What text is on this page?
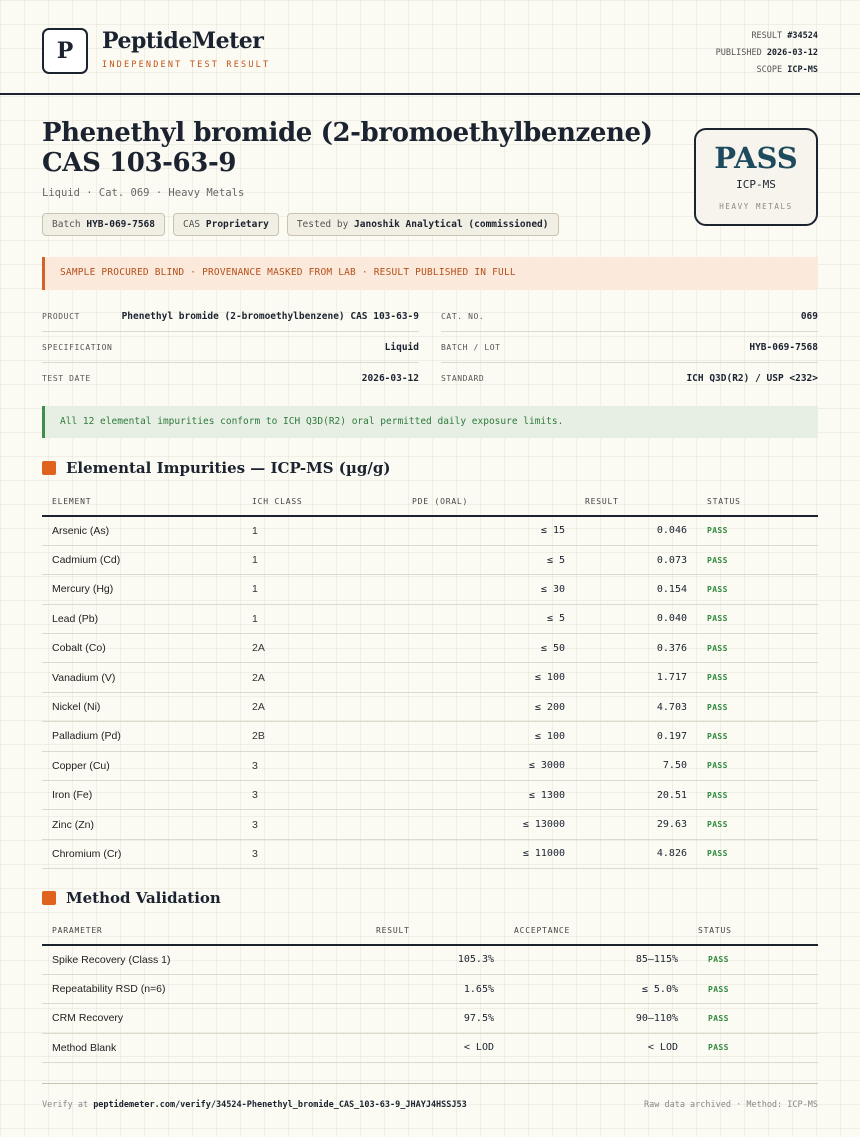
P	PeptideMeter
INDEPENDENT TEST RESULT
RESULT #34524
PUBLISHED 2026-03-12
SCOPE ICP-MS
Phenethyl bromide (2-bromoethylbenzene)
CAS 103-63-9
Liquid · Cat. 069 · Heavy Metals
Batch HYB-069-7568	CAS Proprietary	Tested by Janoshik Analytical (commissioned)
PASS
ICP-MS
HEAVY METALS
SAMPLE PROCURED BLIND · PROVENANCE MASKED FROM LAB · RESULT PUBLISHED IN FULL
PRODUCT	Phenethyl bromide (2-bromoethylbenzene) CAS 103-63-9
SPECIFICATION	Liquid
TEST DATE	2026-03-12
CAT. NO.	069
BATCH / LOT	HYB-069-7568
STANDARD	ICH Q3D(R2) / USP <232>
All 12 elemental impurities conform to ICH Q3D(R2) oral permitted daily exposure limits.
Elemental Impurities — ICP-MS (µg/g)
ELEMENT	ICH CLASS	PDE (ORAL)	RESULT	STATUS
Arsenic (As)	1	≤ 15	0.046	PASS
Cadmium (Cd)	1	≤ 5	0.073	PASS
Mercury (Hg)	1	≤ 30	0.154	PASS
Lead (Pb)	1	≤ 5	0.040	PASS
Cobalt (Co)	2A	≤ 50	0.376	PASS
Vanadium (V)	2A	≤ 100	1.717	PASS
Nickel (Ni)	2A	≤ 200	4.703	PASS
Palladium (Pd)	2B	≤ 100	0.197	PASS
Copper (Cu)	3	≤ 3000	7.50	PASS
Iron (Fe)	3	≤ 1300	20.51	PASS
Zinc (Zn)	3	≤ 13000	29.63	PASS
Chromium (Cr)	3	≤ 11000	4.826	PASS
Method Validation
PARAMETER	RESULT	ACCEPTANCE	STATUS
Spike Recovery (Class 1)	105.3%	85–115%	PASS
Repeatability RSD (n=6)	1.65%	≤ 5.0%	PASS
CRM Recovery	97.5%	90–110%	PASS
Method Blank	< LOD	< LOD	PASS
Verify at peptidemeter.com/verify/34524-Phenethyl_bromide_CAS_103-63-9_JHAYJ4HSSJ53	Raw data archived · Method: ICP-MS
